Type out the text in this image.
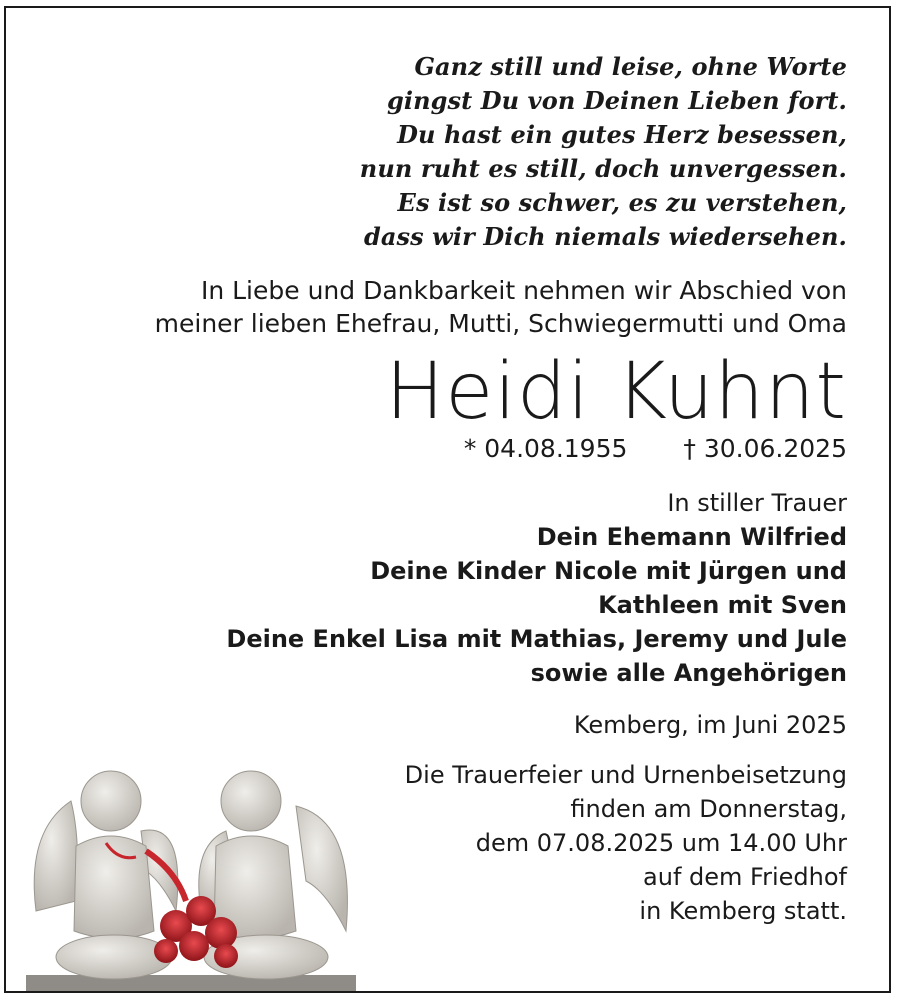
Ganz still und leise, ohne Worte
gingst Du von Deinen Lieben fort.
Du hast ein gutes Herz besessen,
nun ruht es still, doch unvergessen.
Es ist so schwer, es zu verstehen,
dass wir Dich niemals wiedersehen.
In Liebe und Dankbarkeit nehmen wir Abschied von
meiner lieben Ehefrau, Mutti, Schwiegermutti und Oma
Heidi Kuhnt
* 04.08.1955 † 30.06.2025
In stiller Trauer
Dein Ehemann Wilfried
Deine Kinder Nicole mit Jürgen und
Kathleen mit Sven
Deine Enkel Lisa mit Mathias, Jeremy und Jule
sowie alle Angehörigen
Kemberg, im Juni 2025
Die Trauerfeier und Urnenbeisetzung
finden am Donnerstag,
dem 07.08.2025 um 14.00 Uhr
auf dem Friedhof
in Kemberg statt.
